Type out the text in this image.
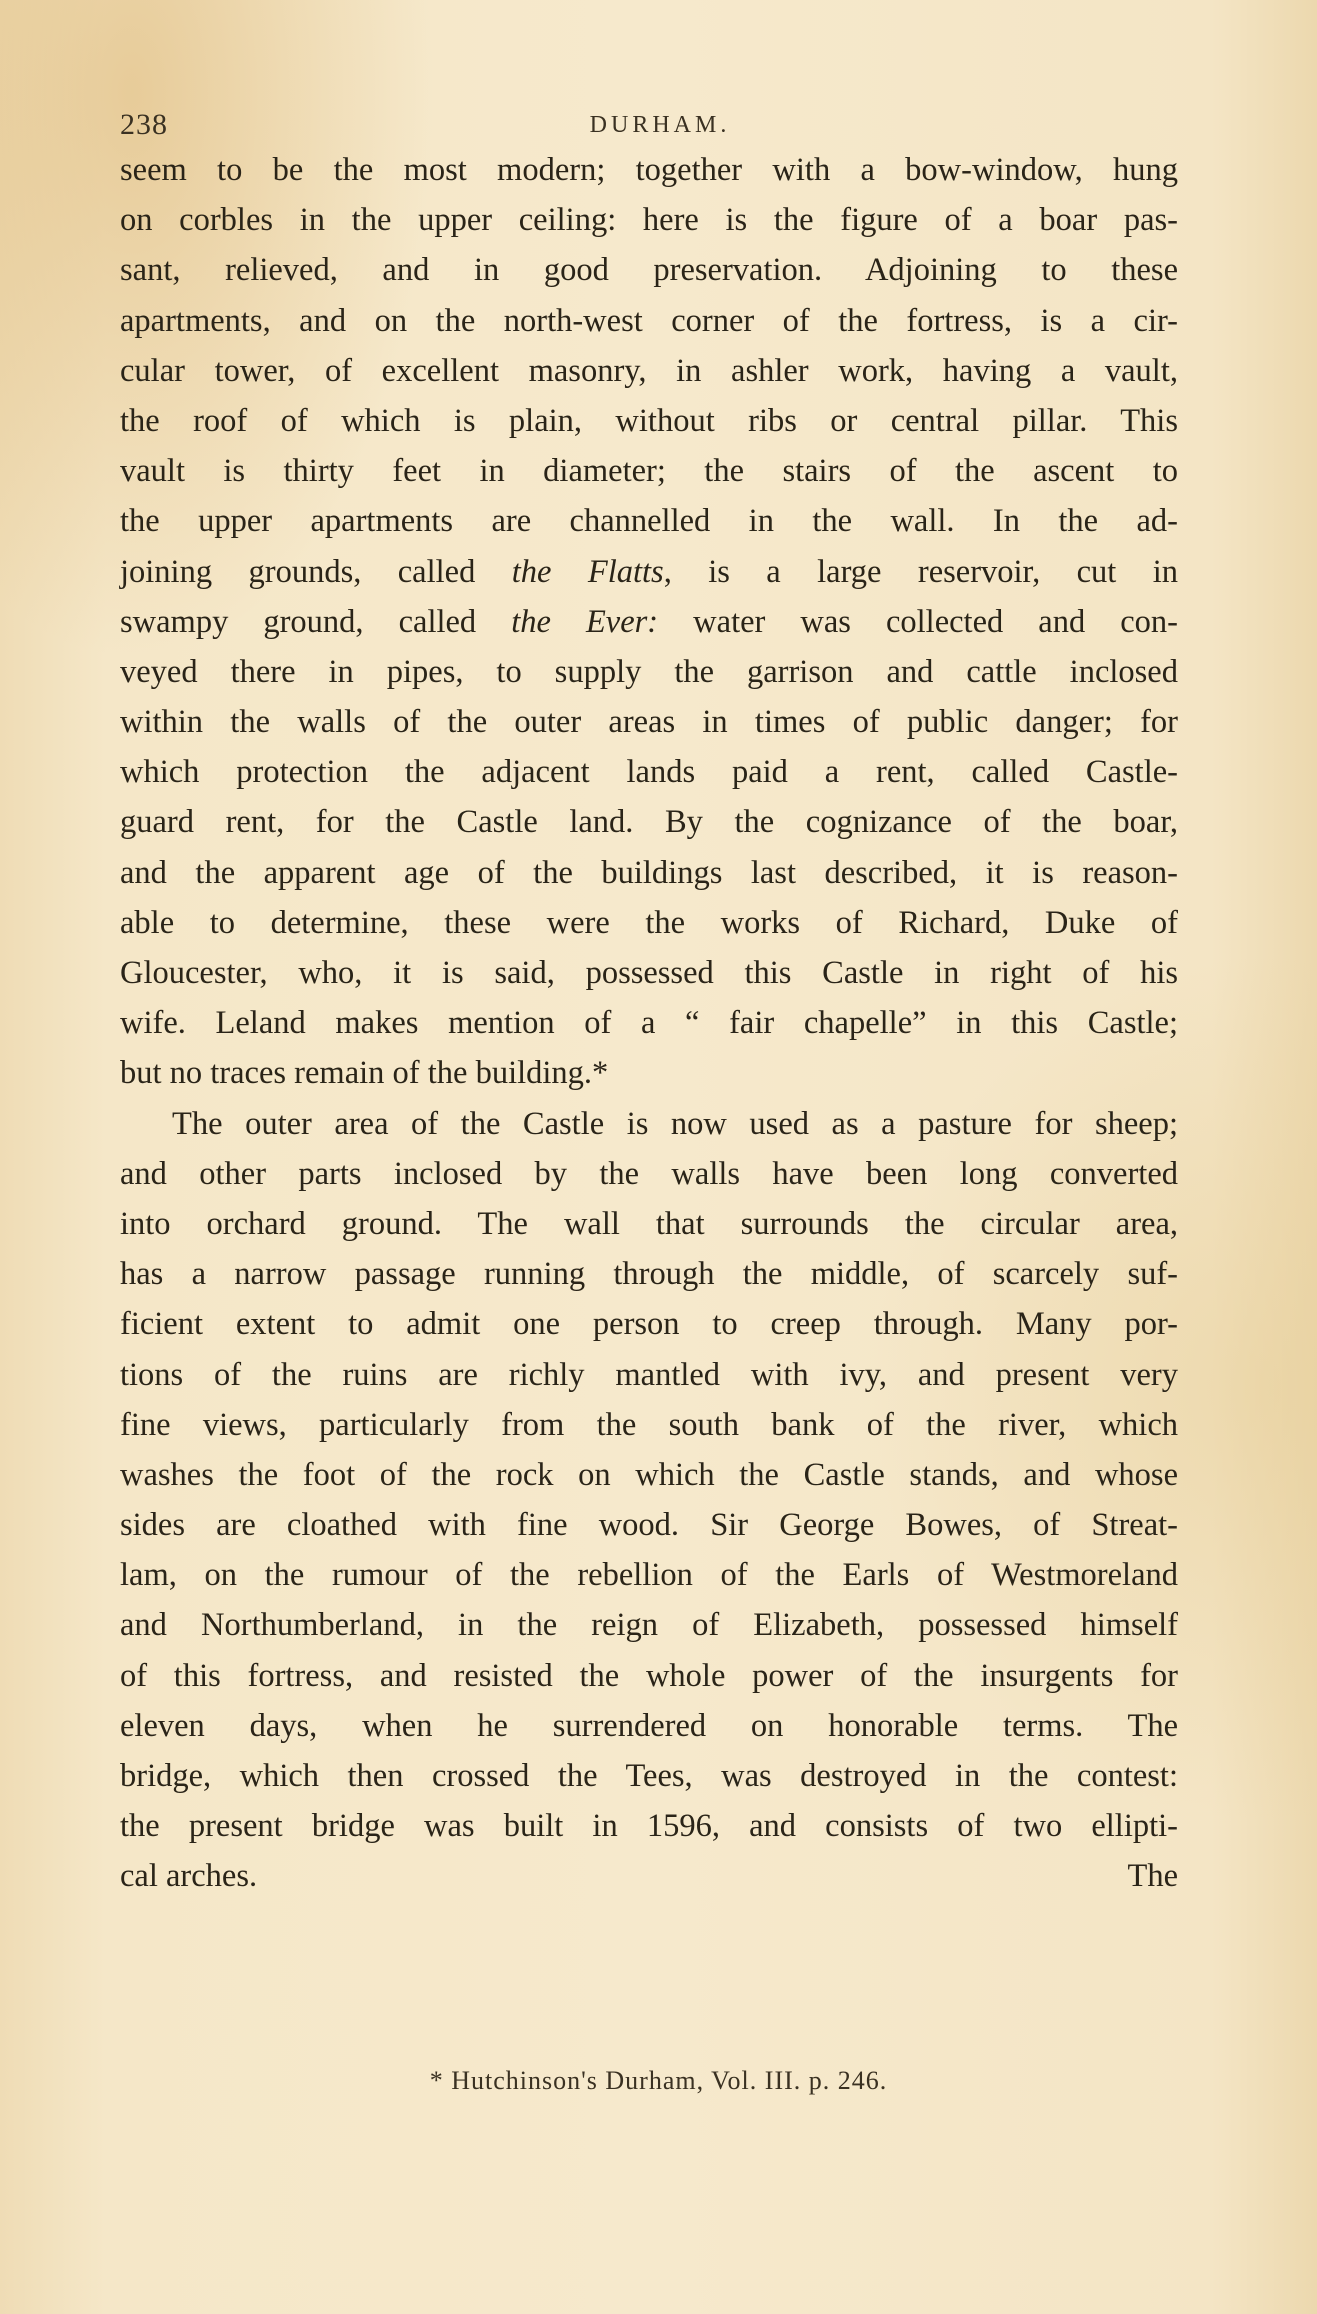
238	DURHAM.
seem to be the most modern; together with a bow-window, hung
on corbles in the upper ceiling: here is the figure of a boar pas-
sant, relieved, and in good preservation. Adjoining to these
apartments, and on the north-west corner of the fortress, is a cir-
cular tower, of excellent masonry, in ashler work, having a vault,
the roof of which is plain, without ribs or central pillar. This
vault is thirty feet in diameter; the stairs of the ascent to
the upper apartments are channelled in the wall. In the ad-
joining grounds, called the Flatts, is a large reservoir, cut in
swampy ground, called the Ever: water was collected and con-
veyed there in pipes, to supply the garrison and cattle inclosed
within the walls of the outer areas in times of public danger; for
which protection the adjacent lands paid a rent, called Castle-
guard rent, for the Castle land. By the cognizance of the boar,
and the apparent age of the buildings last described, it is reason-
able to determine, these were the works of Richard, Duke of
Gloucester, who, it is said, possessed this Castle in right of his
wife. Leland makes mention of a “ fair chapelle” in this Castle;
but no traces remain of the building.*
The outer area of the Castle is now used as a pasture for sheep;
and other parts inclosed by the walls have been long converted
into orchard ground. The wall that surrounds the circular area,
has a narrow passage running through the middle, of scarcely suf-
ficient extent to admit one person to creep through. Many por-
tions of the ruins are richly mantled with ivy, and present very
fine views, particularly from the south bank of the river, which
washes the foot of the rock on which the Castle stands, and whose
sides are cloathed with fine wood. Sir George Bowes, of Streat-
lam, on the rumour of the rebellion of the Earls of Westmoreland
and Northumberland, in the reign of Elizabeth, possessed himself
of this fortress, and resisted the whole power of the insurgents for
eleven days, when he surrendered on honorable terms. The
bridge, which then crossed the Tees, was destroyed in the contest:
the present bridge was built in 1596, and consists of two ellipti-
cal arches.	The
* Hutchinson's Durham, Vol. III. p. 246.
